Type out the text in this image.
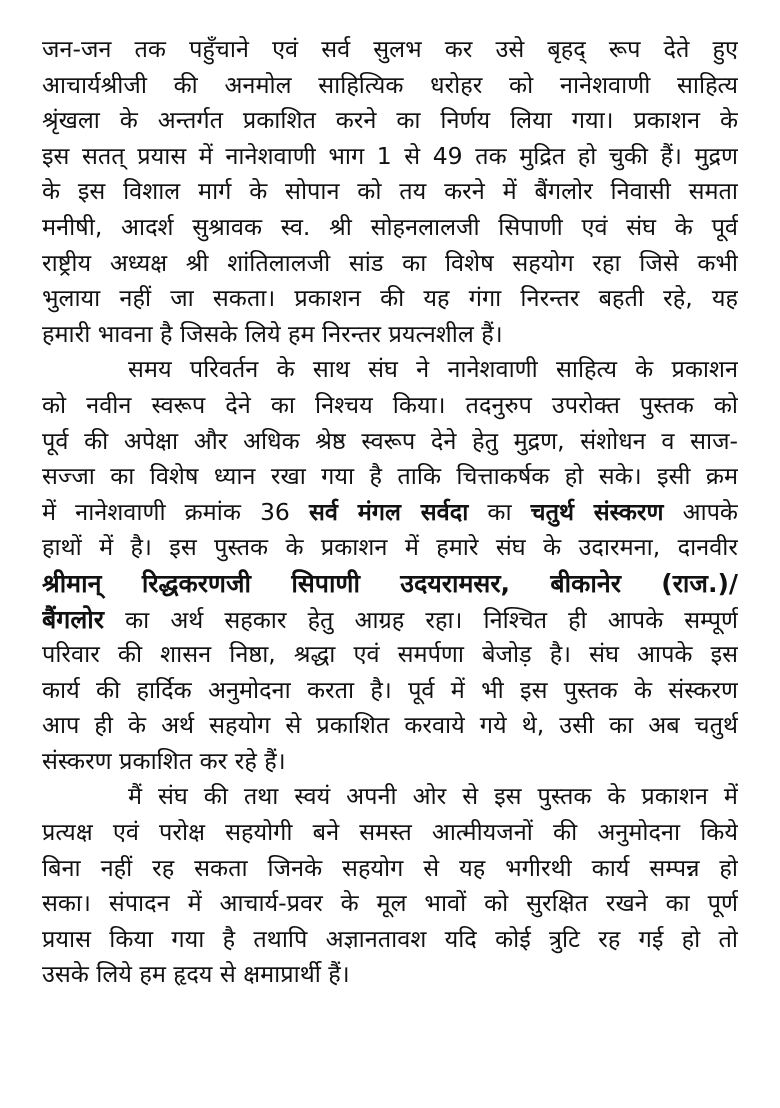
जन-जन तक पहुँचाने एवं सर्व सुलभ कर उसे बृहद् रूप देते हुए
आचार्यश्रीजी की अनमोल साहित्यिक धरोहर को नानेशवाणी साहित्य
श्रृंखला के अन्तर्गत प्रकाशित करने का निर्णय लिया गया। प्रकाशन के
इस सतत् प्रयास में नानेशवाणी भाग 1 से 49 तक मुद्रित हो चुकी हैं। मुद्रण
के इस विशाल मार्ग के सोपान को तय करने में बैंगलोर निवासी समता
मनीषी, आदर्श सुश्रावक स्व. श्री सोहनलालजी सिपाणी एवं संघ के पूर्व
राष्ट्रीय अध्यक्ष श्री शांतिलालजी सांड का विशेष सहयोग रहा जिसे कभी
भुलाया नहीं जा सकता। प्रकाशन की यह गंगा निरन्तर बहती रहे, यह
हमारी भावना है जिसके लिये हम निरन्तर प्रयत्नशील हैं।
समय परिवर्तन के साथ संघ ने नानेशवाणी साहित्य के प्रकाशन
को नवीन स्वरूप देने का निश्चय किया। तदनुरुप उपरोक्त पुस्तक को
पूर्व की अपेक्षा और अधिक श्रेष्ठ स्वरूप देने हेतु मुद्रण, संशोधन व साज-
सज्जा का विशेष ध्यान रखा गया है ताकि चित्ताकर्षक हो सके। इसी क्रम
में नानेशवाणी क्रमांक 36 सर्व मंगल सर्वदा का चतुर्थ संस्करण आपके
हाथों में है। इस पुस्तक के प्रकाशन में हमारे संघ के उदारमना, दानवीर
श्रीमान् रिद्धकरणजी सिपाणी उदयरामसर, बीकानेर (राज.)/
बैंगलोर का अर्थ सहकार हेतु आग्रह रहा। निश्चित ही आपके सम्पूर्ण
परिवार की शासन निष्ठा, श्रद्धा एवं समर्पणा बेजोड़ है। संघ आपके इस
कार्य की हार्दिक अनुमोदना करता है। पूर्व में भी इस पुस्तक के संस्करण
आप ही के अर्थ सहयोग से प्रकाशित करवाये गये थे, उसी का अब चतुर्थ
संस्करण प्रकाशित कर रहे हैं।
मैं संघ की तथा स्वयं अपनी ओर से इस पुस्तक के प्रकाशन में
प्रत्यक्ष एवं परोक्ष सहयोगी बने समस्त आत्मीयजनों की अनुमोदना किये
बिना नहीं रह सकता जिनके सहयोग से यह भगीरथी कार्य सम्पन्न हो
सका। संपादन में आचार्य-प्रवर के मूल भावों को सुरक्षित रखने का पूर्ण
प्रयास किया गया है तथापि अज्ञानतावश यदि कोई त्रुटि रह गई हो तो
उसके लिये हम हृदय से क्षमाप्रार्थी हैं।
